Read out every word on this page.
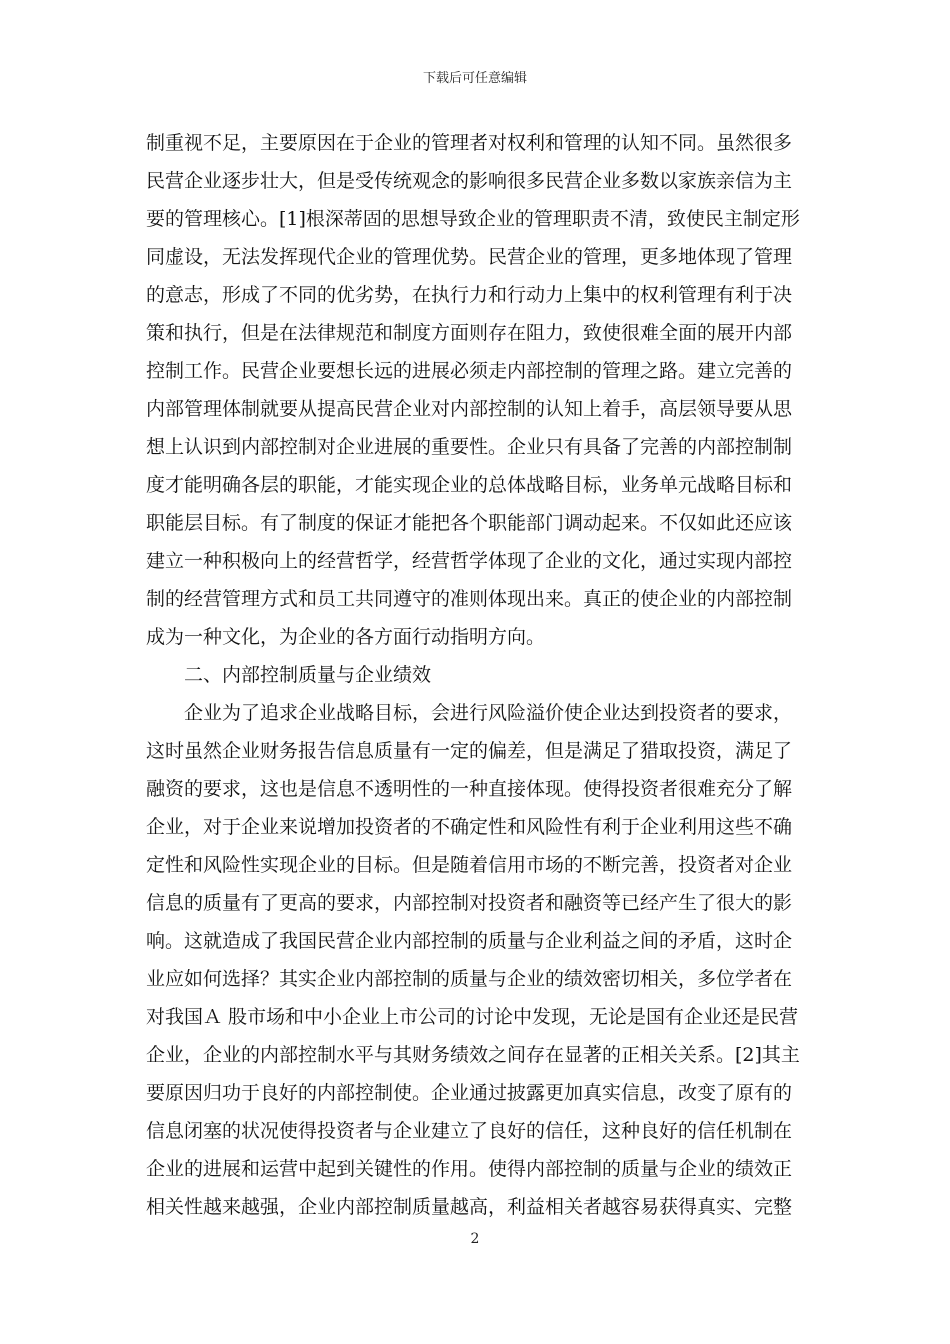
下载后可任意编辑
制重视不足，主要原因在于企业的管理者对权利和管理的认知不同。虽然很多
民营企业逐步壮大，但是受传统观念的影响很多民营企业多数以家族亲信为主
要的管理核心。[1]根深蒂固的思想导致企业的管理职责不清，致使民主制定形
同虚设，无法发挥现代企业的管理优势。民营企业的管理，更多地体现了管理
的意志，形成了不同的优劣势，在执行力和行动力上集中的权利管理有利于决
策和执行，但是在法律规范和制度方面则存在阻力，致使很难全面的展开内部
控制工作。民营企业要想长远的进展必须走内部控制的管理之路。建立完善的
内部管理体制就要从提高民营企业对内部控制的认知上着手，高层领导要从思
想上认识到内部控制对企业进展的重要性。企业只有具备了完善的内部控制制
度才能明确各层的职能，才能实现企业的总体战略目标，业务单元战略目标和
职能层目标。有了制度的保证才能把各个职能部门调动起来。不仅如此还应该
建立一种积极向上的经营哲学，经营哲学体现了企业的文化，通过实现内部控
制的经营管理方式和员工共同遵守的准则体现出来。真正的使企业的内部控制
成为一种文化，为企业的各方面行动指明方向。
二、内部控制质量与企业绩效
企业为了追求企业战略目标，会进行风险溢价使企业达到投资者的要求，
这时虽然企业财务报告信息质量有一定的偏差，但是满足了猎取投资，满足了
融资的要求，这也是信息不透明性的一种直接体现。使得投资者很难充分了解
企业，对于企业来说增加投资者的不确定性和风险性有利于企业利用这些不确
定性和风险性实现企业的目标。但是随着信用市场的不断完善，投资者对企业
信息的质量有了更高的要求，内部控制对投资者和融资等已经产生了很大的影
响。这就造成了我国民营企业内部控制的质量与企业利益之间的矛盾，这时企
业应如何选择？其实企业内部控制的质量与企业的绩效密切相关，多位学者在
对我国Ａ 股市场和中小企业上市公司的讨论中发现，无论是国有企业还是民营
企业，企业的内部控制水平与其财务绩效之间存在显著的正相关关系。[2]其主
要原因归功于良好的内部控制使。企业通过披露更加真实信息，改变了原有的
信息闭塞的状况使得投资者与企业建立了良好的信任，这种良好的信任机制在
企业的进展和运营中起到关键性的作用。使得内部控制的质量与企业的绩效正
相关性越来越强，企业内部控制质量越高，利益相关者越容易获得真实、完整
2
